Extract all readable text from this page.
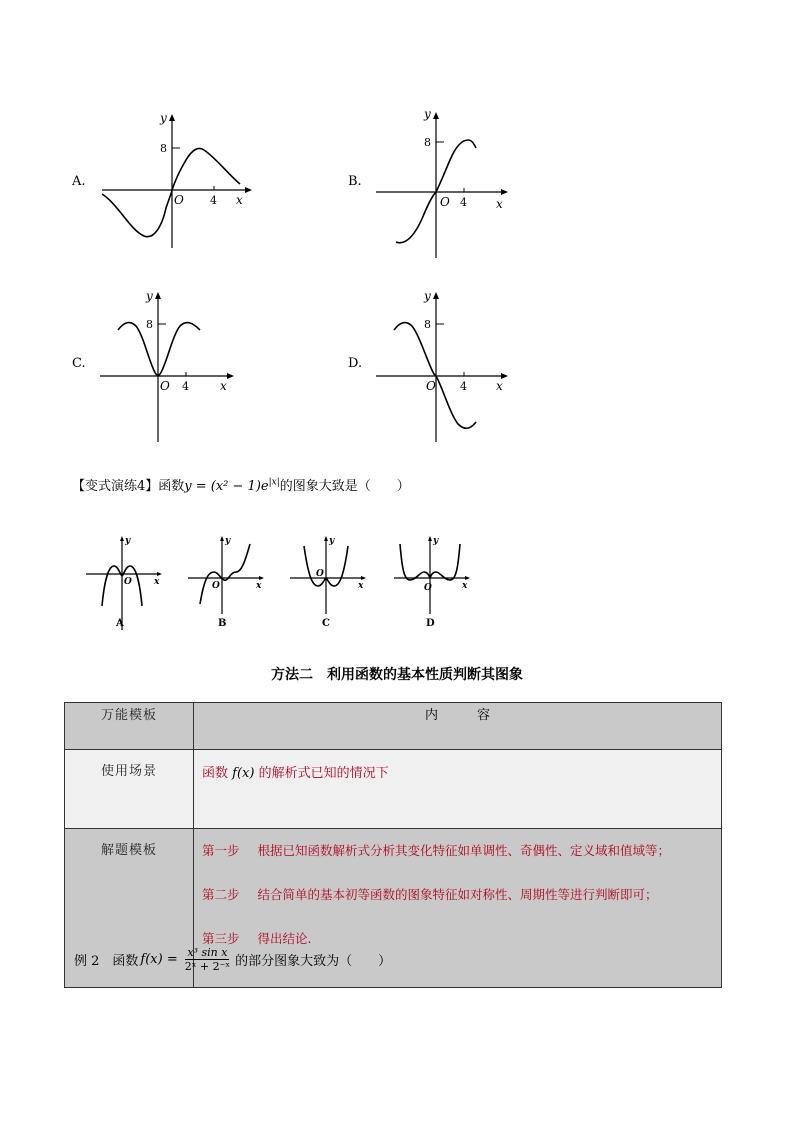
A.
y
8
O 4 x
B.
y
8
O 4 x
C.
y
8
O 4	x
D.
y
8
O 4 x
【变式演练4】函数$y = (x^2 - 1)e^{|x|}$的图象大致是（　　）
y
O x
A
y
O	x
B
y
O
x
C
y
O	x
D
方法二　利用函数的基本性质判断其图象
万能模板	内　　　容
使用场景	函数 f(x) 的解析式已知的情况下
解题模板	第一步 根据已知函数解析式分析其变化特征如单调性、奇偶性、定义域和值域等；
第二步 结合简单的基本初等函数的图象特征如对称性、周期性等进行判断即可；
第三步 得出结论.
例 2　函数 $f(x) = \frac{\text{x³ sin x}}{\text{2ˣ + 2⁻ˣ}}$ 的部分图象大致为（　　）
